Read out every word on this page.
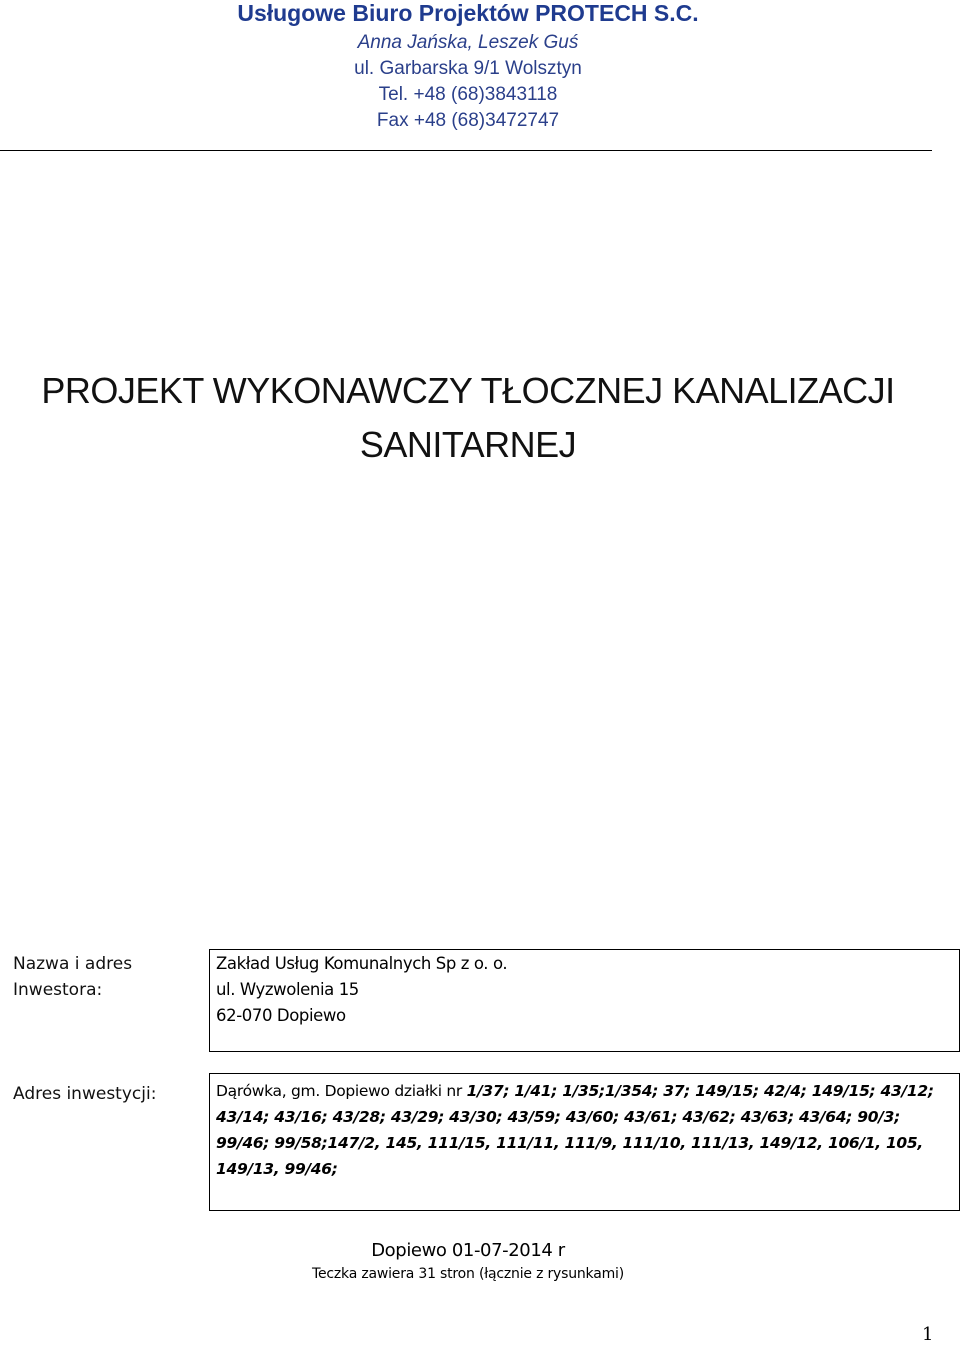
Usługowe Biuro Projektów PROTECH S.C.
Anna Jańska, Leszek Guś
ul. Garbarska 9/1 Wolsztyn
Tel. +48 (68)3843118
Fax +48 (68)3472747
PROJEKT WYKONAWCZY TŁOCZNEJ KANALIZACJI
SANITARNEJ
Nazwa i adres
Inwestora:
Zakład Usług Komunalnych Sp z o. o.
ul. Wyzwolenia 15
62-070 Dopiewo
Adres inwestycji:	Dąrówka, gm. Dopiewo działki nr 1/37; 1/41; 1/35;1/354; 37; 149/15; 42/4; 149/15; 43/12; 43/14; 43/16; 43/28; 43/29; 43/30; 43/59; 43/60; 43/61; 43/62; 43/63; 43/64; 90/3; 99/46; 99/58;147/2, 145, 111/15, 111/11, 111/9, 111/10, 111/13, 149/12, 106/1, 105, 149/13, 99/46;
Dopiewo 01-07-2014 r
Teczka zawiera 31 stron (łącznie z rysunkami)
1
